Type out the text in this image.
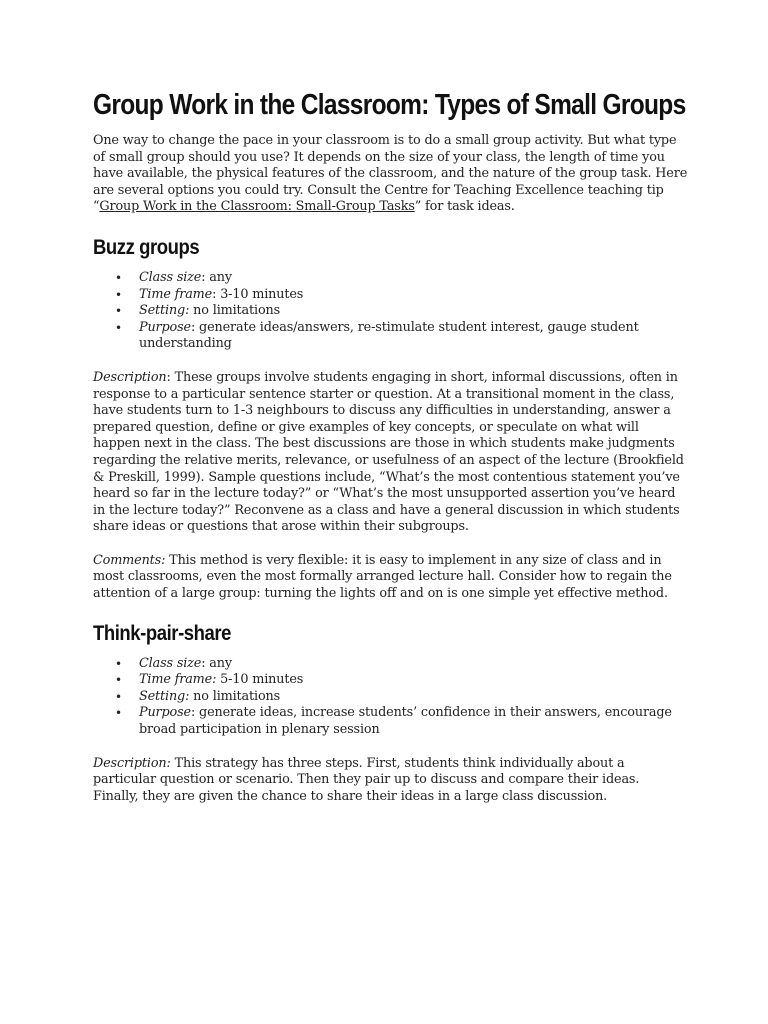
Group Work in the Classroom: Types of Small Groups

One way to change the pace in your classroom is to do a small group activity. But what type of small group should you use? It depends on the size of your class, the length of time you have available, the physical features of the classroom, and the nature of the group task. Here are several options you could try. Consult the Centre for Teaching Excellence teaching tip “Group Work in the Classroom: Small-Group Tasks” for task ideas.

Buzz groups
• Class size: any
• Time frame: 3-10 minutes
• Setting: no limitations
• Purpose: generate ideas/answers, re-stimulate student interest, gauge student understanding

Description: These groups involve students engaging in short, informal discussions, often in response to a particular sentence starter or question. At a transitional moment in the class, have students turn to 1-3 neighbours to discuss any difficulties in understanding, answer a prepared question, define or give examples of key concepts, or speculate on what will happen next in the class. The best discussions are those in which students make judgments regarding the relative merits, relevance, or usefulness of an aspect of the lecture (Brookfield & Preskill, 1999). Sample questions include, “What’s the most contentious statement you’ve heard so far in the lecture today?” or “What’s the most unsupported assertion you’ve heard in the lecture today?” Reconvene as a class and have a general discussion in which students share ideas or questions that arose within their subgroups.

Comments: This method is very flexible: it is easy to implement in any size of class and in most classrooms, even the most formally arranged lecture hall. Consider how to regain the attention of a large group: turning the lights off and on is one simple yet effective method.

Think-pair-share
• Class size: any
• Time frame: 5-10 minutes
• Setting: no limitations
• Purpose: generate ideas, increase students’ confidence in their answers, encourage broad participation in plenary session

Description: This strategy has three steps. First, students think individually about a particular question or scenario. Then they pair up to discuss and compare their ideas. Finally, they are given the chance to share their ideas in a large class discussion.
